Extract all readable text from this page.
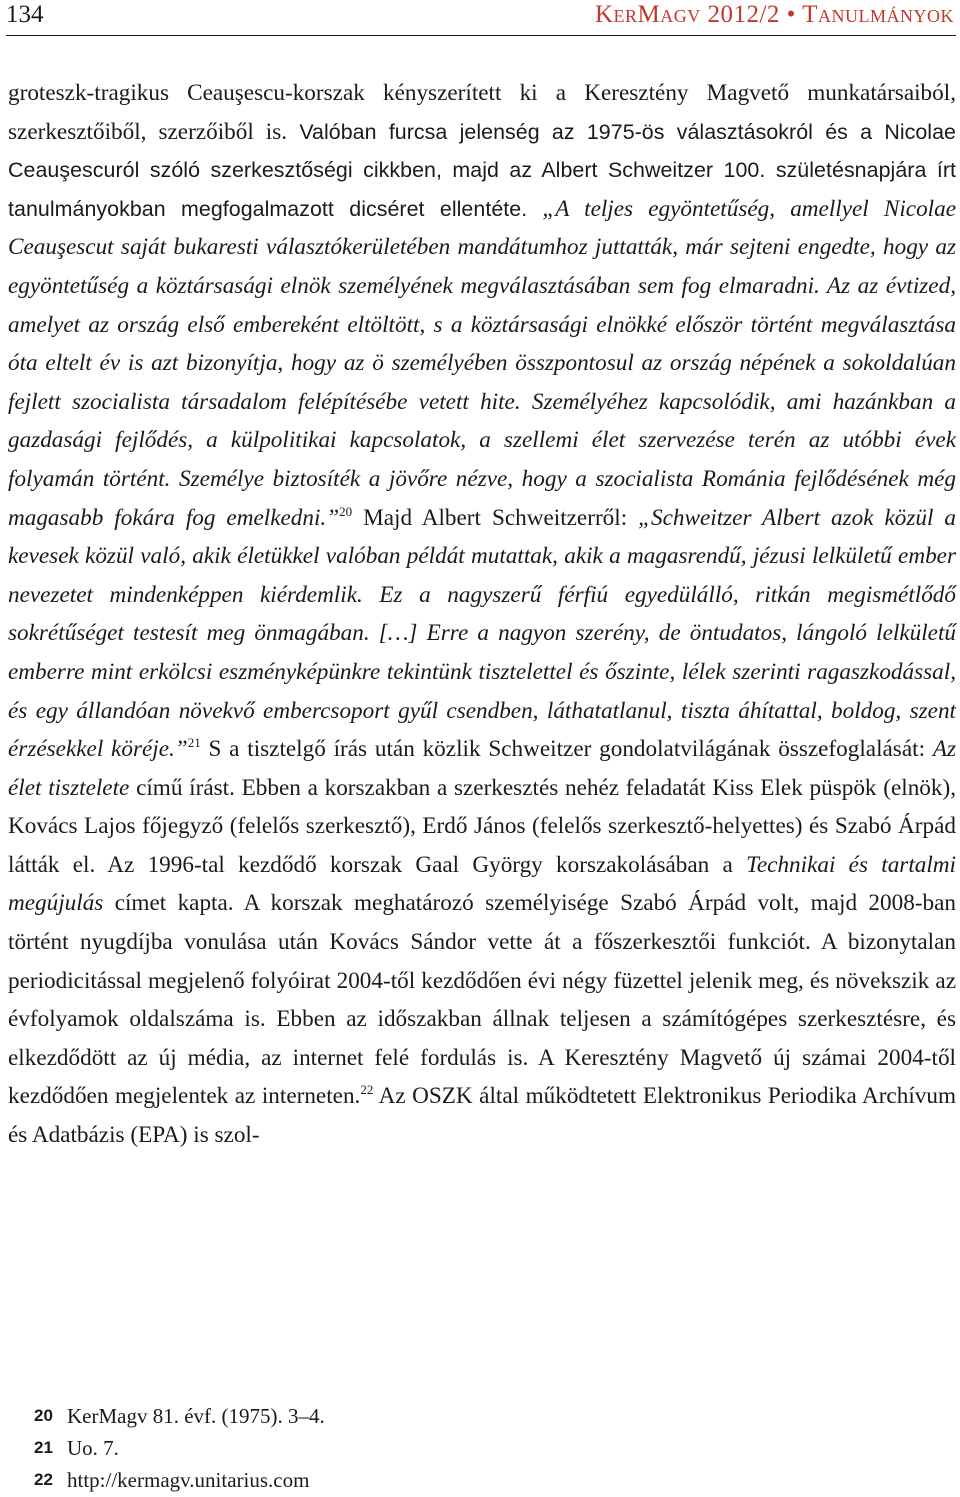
134	KerMagv 2012/2 • Tanulmányok

groteszk-tragikus Ceauşescu-korszak kényszerített ki a Keresztény Magvető munkatársaiból, szerkesztőiből, szerzőiből is. Valóban furcsa jelenség az 1975-ös választásokról és a Nicolae Ceauşescuról szóló szerkesztőségi cikkben, majd az Albert Schweitzer 100. születésnapjára írt tanulmányokban megfogalmazott dicséret ellentéte. „A teljes egyöntetűség, amellyel Nicolae Ceauşescut saját bukaresti választókerületében mandátumhoz juttatták, már sejteni engedte, hogy az egyöntetűség a köztársasági elnök személyének megválasztásában sem fog elmaradni. Az az évtized, amelyet az ország első embereként eltöltött, s a köztársasági elnökké először történt megválasztása óta eltelt év is azt bizonyítja, hogy az ö személyében összpontosul az ország népének a sokoldalúan fejlett szocialista társadalom felépítésébe vetett hite. Személyéhez kapcsolódik, ami hazánkban a gazdasági fejlődés, a külpolitikai kapcsolatok, a szellemi élet szervezése terén az utóbbi évek folyamán történt. Személye biztosíték a jövőre nézve, hogy a szocialista Románia fejlődésének még magasabb fokára fog emelkedni.”$^{20}$ Majd Albert Schweitzerről: „Schweitzer Albert azok közül a kevesek közül való, akik életükkel valóban példát mutattak, akik a magasrendű, jézusi lelkületű ember nevezetet mindenképpen kiérdemlik. Ez a nagyszerű férfiú egyedülálló, ritkán megismétlődő sokrétűséget testesít meg önmagában. […] Erre a nagyon szerény, de öntudatos, lángoló lelkületű emberre mint erkölcsi eszményképünkre tekintünk tisztelettel és őszinte, lélek szerinti ragaszkodással, és egy állandóan növekvő embercsoport gyűl csendben, láthatatlanul, tiszta áhítattal, boldog, szent érzésekkel köréje.”$^{21}$ S a tisztelgő írás után közlik Schweitzer gondolatvilágának összefoglalását: Az élet tisztelete című írást. Ebben a korszakban a szerkesztés nehéz feladatát Kiss Elek püspök (elnök), Kovács Lajos főjegyző (felelős szerkesztő), Erdő János (felelős szerkesztő-helyettes) és Szabó Árpád látták el. Az 1996-tal kezdődő korszak Gaal György korszakolásában a Technikai és tartalmi megújulás címet kapta. A korszak meghatározó személyisége Szabó Árpád volt, majd 2008-ban történt nyugdíjba vonulása után Kovács Sándor vette át a főszerkesztői funkciót. A bizonytalan periodicitással megjelenő folyóirat 2004-től kezdődően évi négy füzettel jelenik meg, és növekszik az évfolyamok oldalszáma is. Ebben az időszakban állnak teljesen a számítógépes szerkesztésre, és elkezdődött az új média, az internet felé fordulás is. A Keresztény Magvető új számai 2004-től kezdődően megjelentek az interneten.$^{22}$ Az OSZK által működtetett Elektronikus Periodika Archívum és Adatbázis (EPA) is szol-

20 KerMagv 81. évf. (1975). 3–4.
21 Uo. 7.
22 http://kermagv.unitarius.com
